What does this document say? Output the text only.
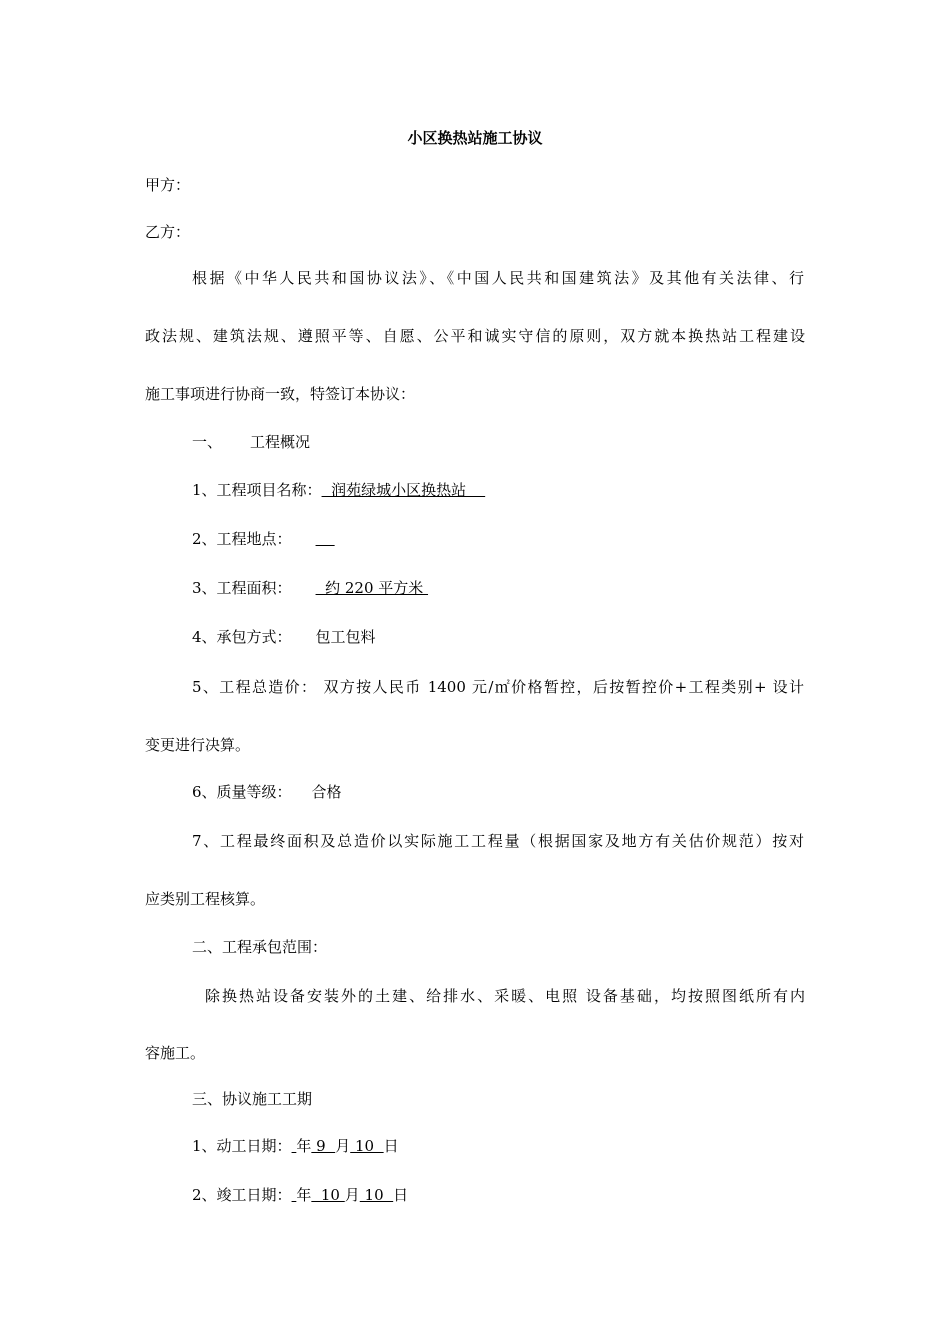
小区换热站施工协议
甲方：
乙方：
根据《中华人民共和国协议法》、《中国人民共和国建筑法》及其他有关法律、行
政法规、建筑法规、遵照平等、自愿、公平和诚实守信的原则，双方就本换热站工程建设
施工事项进行协商一致，特签订本协议：
一、 工程概况
1、工程项目名称：  润苑绿城小区换热站
2、工程地点：
3、工程面积：  约 220 平方米
4、承包方式： 包工包料
5、工程总造价： 双方按人民币 1400 元/㎡价格暂控，后按暂控价+工程类别+ 设计
变更进行决算。
6、质量等级： 合格
7、工程最终面积及总造价以实际施工工程量（根据国家及地方有关估价规范）按对
应类别工程核算。
二、工程承包范围：
除换热站设备安装外的土建、给排水、采暖、电照 设备基础，均按照图纸所有内
容施工。
三、协议施工工期
1、动工日期： 年 9  月 10  日
2、竣工日期： 年  10 月 10  日
